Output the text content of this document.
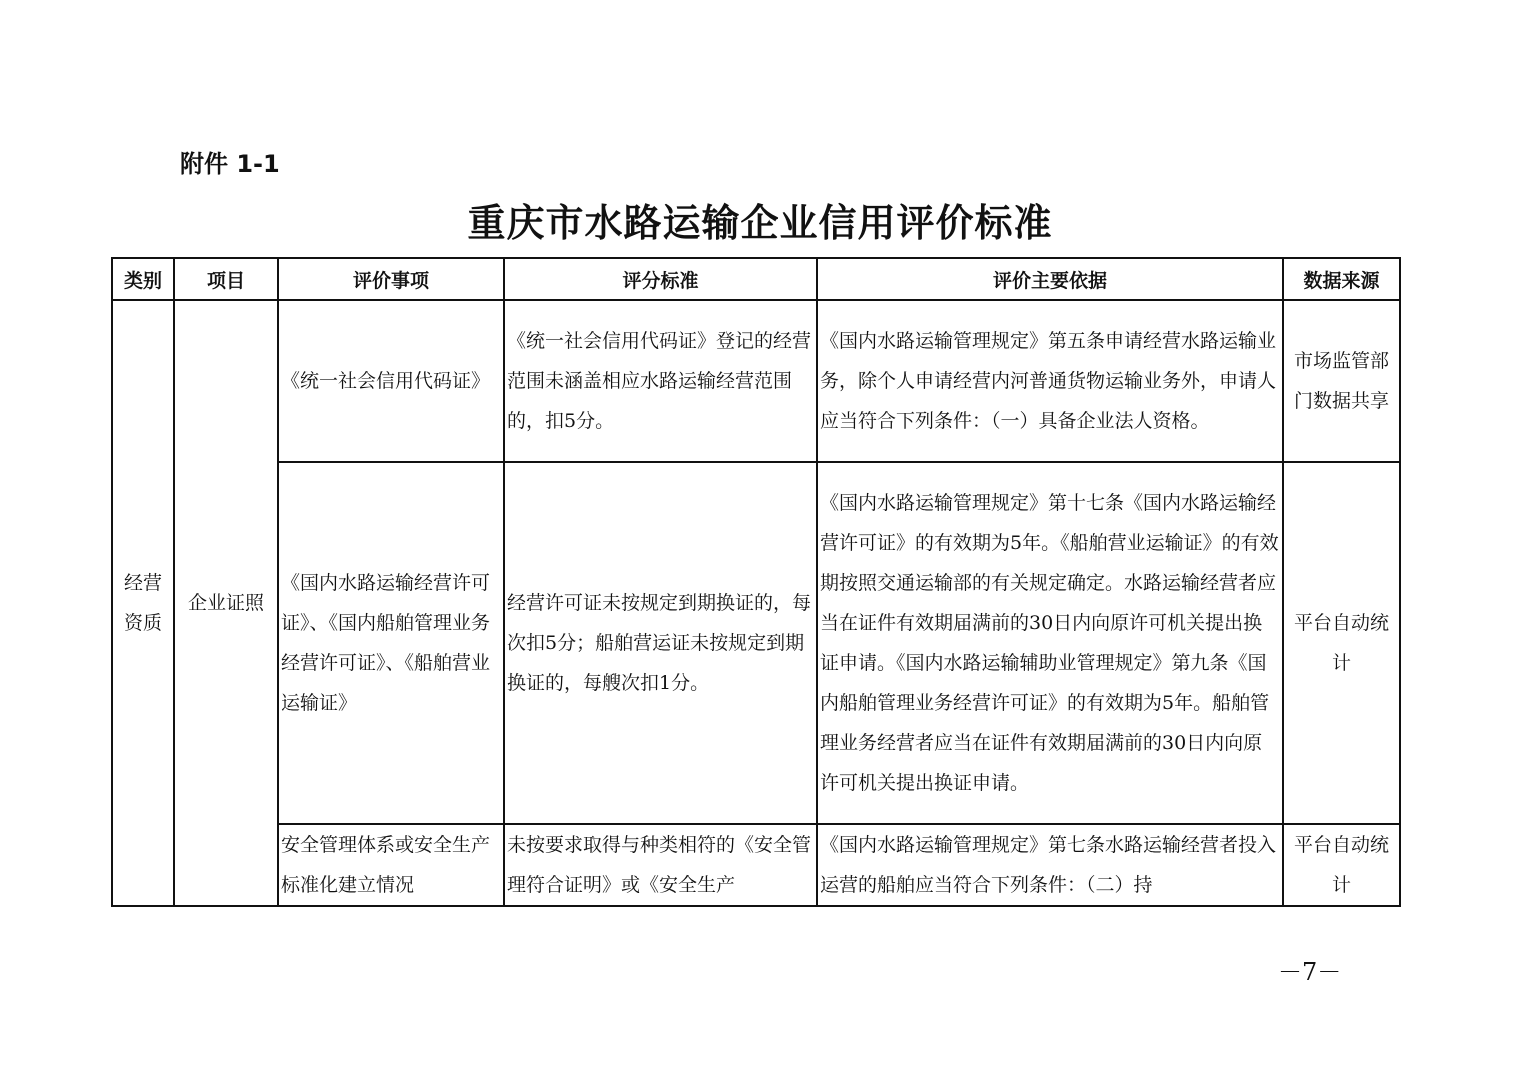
附件 1-1
重庆市水路运输企业信用评价标准
类别	项目	评价事项	评分标准	评价主要依据	数据来源
经营资质	企业证照	《统一社会信用代码证》	《统一社会信用代码证》登记的经营范围未涵盖相应水路运输经营范围的，扣5分。	《国内水路运输管理规定》第五条申请经营水路运输业务，除个人申请经营内河普通货物运输业务外，申请人应当符合下列条件：（一）具备企业法人资格。	市场监管部门数据共享
		《国内水路运输经营许可证》、《国内船舶管理业务经营许可证》、《船舶营业运输证》	经营许可证未按规定到期换证的，每次扣5分；船舶营运证未按规定到期换证的，每艘次扣1分。	《国内水路运输管理规定》第十七条《国内水路运输经营许可证》的有效期为5年。《船舶营业运输证》的有效期按照交通运输部的有关规定确定。水路运输经营者应当在证件有效期届满前的30日内向原许可机关提出换证申请。《国内水路运输辅助业管理规定》第九条《国内船舶管理业务经营许可证》的有效期为5年。船舶管理业务经营者应当在证件有效期届满前的30日内向原许可机关提出换证申请。	平台自动统计
		安全管理体系或安全生产标准化建立情况	未按要求取得与种类相符的《安全管理符合证明》或《安全生产	《国内水路运输管理规定》第七条水路运输经营者投入运营的船舶应当符合下列条件：（二）持	平台自动统计
－7－
